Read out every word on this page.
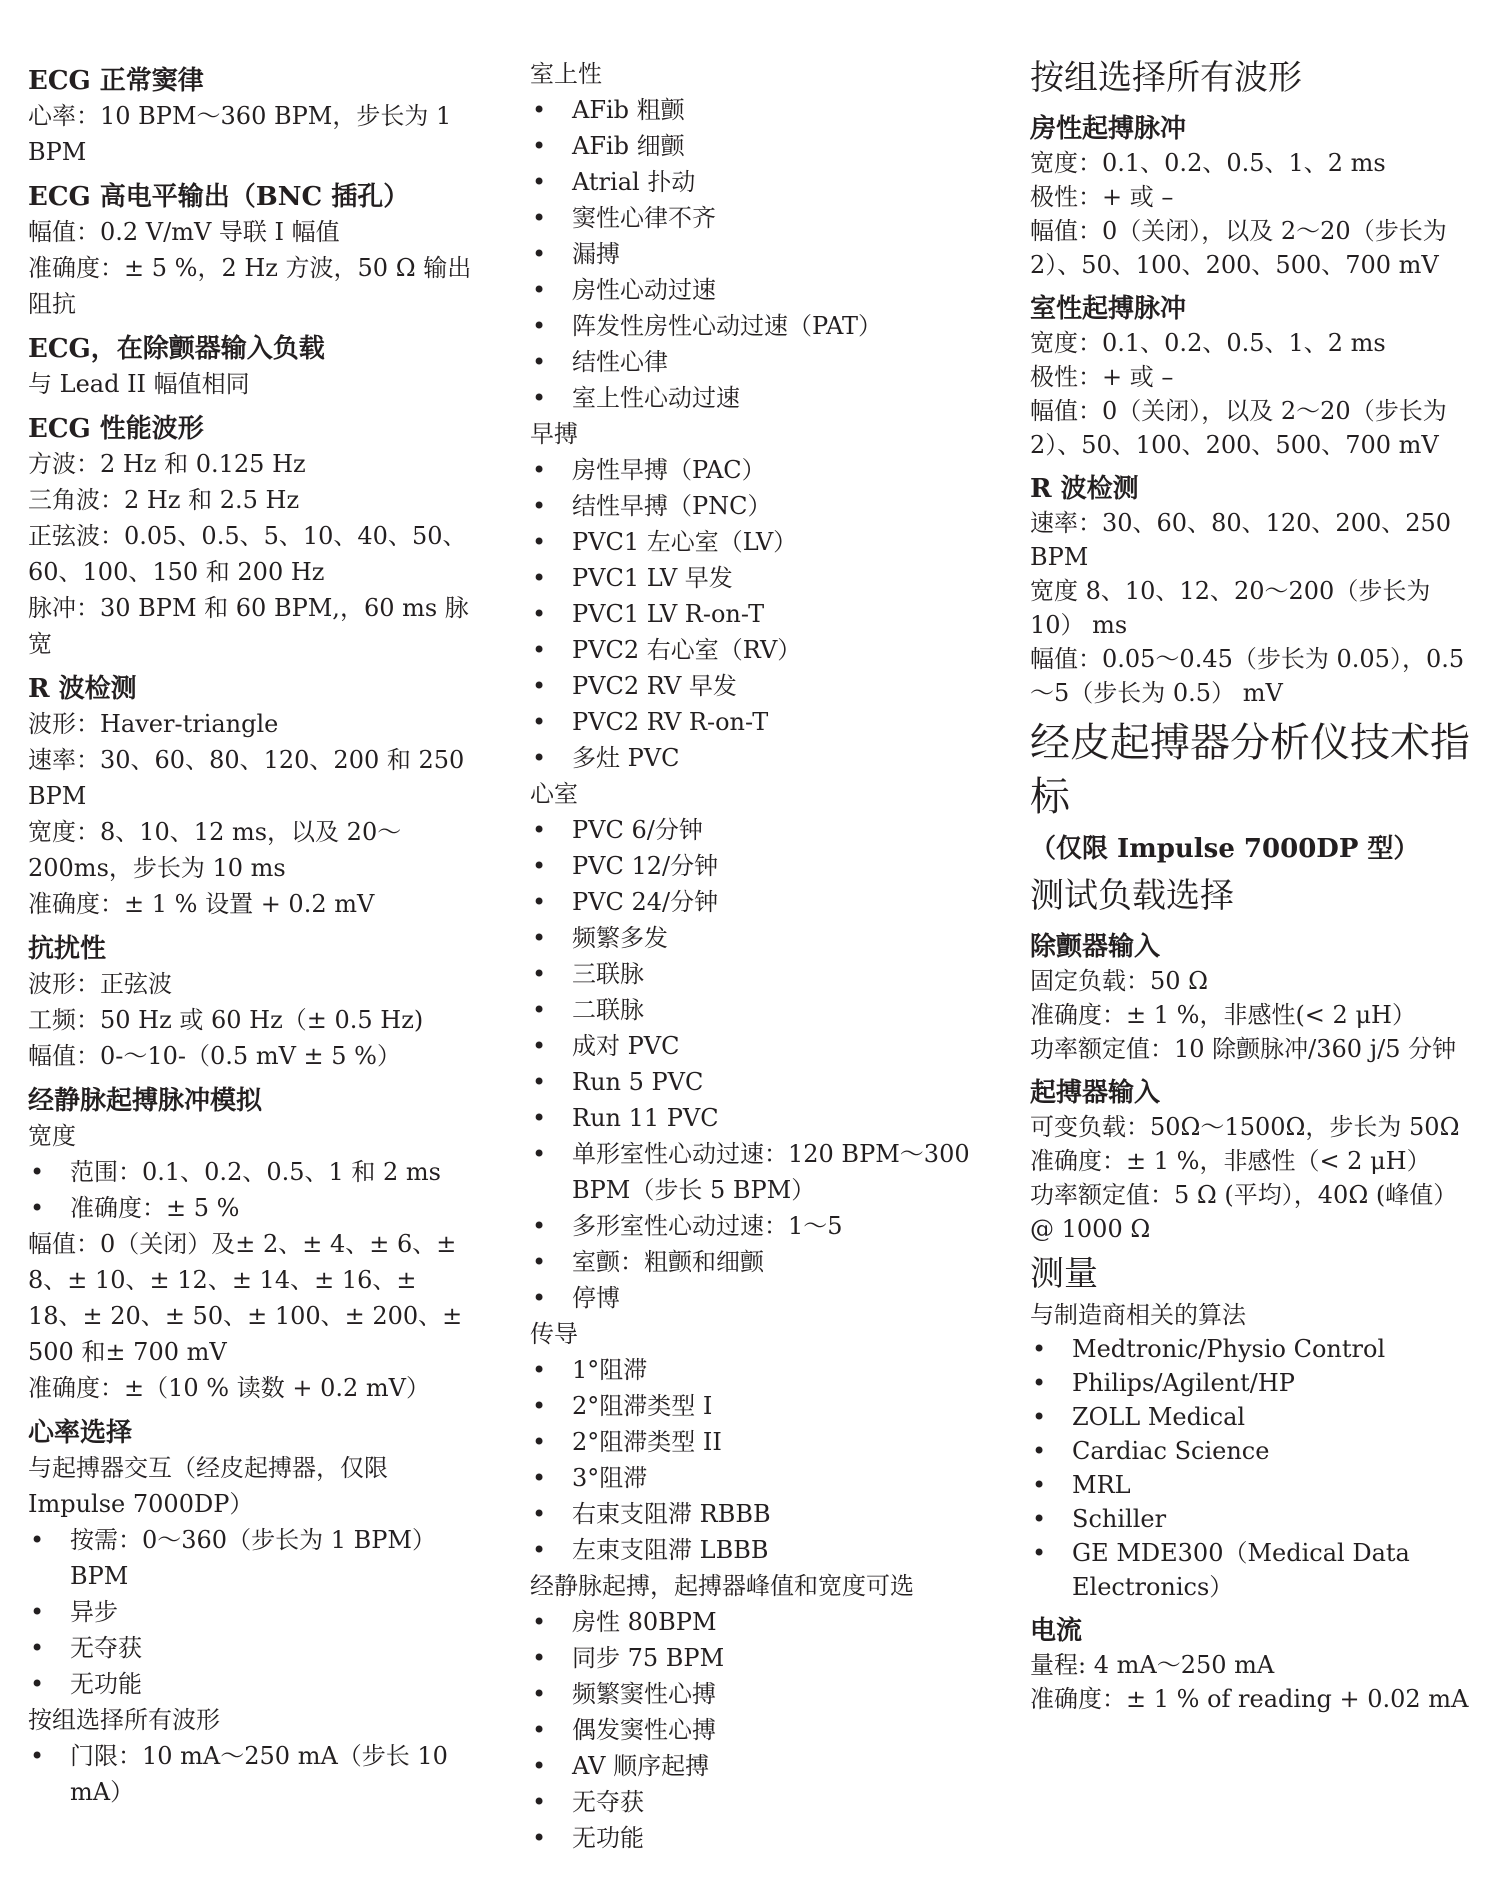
ECG 正常窦律
心率：10 BPM～360 BPM，步长为 1 BPM
ECG 高电平输出（BNC 插孔）
幅值：0.2 V/mV 导联 I 幅值
准确度：± 5 %，2 Hz 方波，50 Ω 输出阻抗
ECG，在除颤器输入负载
与 Lead II 幅值相同
ECG 性能波形
方波：2 Hz 和 0.125 Hz
三角波：2 Hz 和 2.5 Hz
正弦波：0.05、0.5、5、10、40、50、60、100、150 和 200 Hz
脉冲：30 BPM 和 60 BPM,，60 ms 脉宽
R 波检测
波形：Haver-triangle
速率：30、60、80、120、200 和 250 BPM
宽度：8、10、12 ms，以及 20～200ms，步长为 10 ms
准确度：± 1 % 设置 + 0.2 mV
抗扰性
波形：正弦波
工频：50 Hz 或 60 Hz（± 0.5 Hz)
幅值：0-～10-（0.5 mV ± 5 %）
经静脉起搏脉冲模拟
宽度
• 范围：0.1、0.2、0.5、1 和 2 ms
• 准确度：± 5 %
幅值：0（关闭）及± 2、± 4、± 6、± 8、± 10、± 12、± 14、± 16、± 18、± 20、± 50、± 100、± 200、± 500 和± 700 mV
准确度：±（10 % 读数 + 0.2 mV）
心率选择
与起搏器交互（经皮起搏器，仅限 Impulse 7000DP）
• 按需：0～360（步长为 1 BPM）BPM
• 异步
• 无夺获
• 无功能
按组选择所有波形
• 门限：10 mA～250 mA（步长 10 mA）
室上性
• AFib 粗颤
• AFib 细颤
• Atrial 扑动
• 窦性心律不齐
• 漏搏
• 房性心动过速
• 阵发性房性心动过速（PAT）
• 结性心律
• 室上性心动过速
早搏
• 房性早搏（PAC）
• 结性早搏（PNC）
• PVC1 左心室（LV）
• PVC1 LV 早发
• PVC1 LV R-on-T
• PVC2 右心室（RV）
• PVC2 RV 早发
• PVC2 RV R-on-T
• 多灶 PVC
心室
• PVC 6/分钟
• PVC 12/分钟
• PVC 24/分钟
• 频繁多发
• 三联脉
• 二联脉
• 成对 PVC
• Run 5 PVC
• Run 11 PVC
• 单形室性心动过速：120 BPM～300 BPM（步长 5 BPM）
• 多形室性心动过速：1～5
• 室颤：粗颤和细颤
• 停博
传导
• 1°阻滞
• 2°阻滞类型 I
• 2°阻滞类型 II
• 3°阻滞
• 右束支阻滞 RBBB
• 左束支阻滞 LBBB
经静脉起搏，起搏器峰值和宽度可选
• 房性 80BPM
• 同步 75 BPM
• 频繁窦性心搏
• 偶发窦性心搏
• AV 顺序起搏
• 无夺获
• 无功能
按组选择所有波形
房性起搏脉冲
宽度：0.1、0.2、0.5、1、2 ms
极性：+ 或 –
幅值：0（关闭），以及 2～20（步长为 2）、50、100、200、500、700 mV
室性起搏脉冲
宽度：0.1、0.2、0.5、1、2 ms
极性：+ 或 –
幅值：0（关闭），以及 2～20（步长为 2）、50、100、200、500、700 mV
R 波检测
速率：30、60、80、120、200、250 BPM
宽度 8、10、12、20～200（步长为 10） ms
幅值：0.05～0.45（步长为 0.05），0.5～5（步长为 0.5） mV
经皮起搏器分析仪技术指标
（仅限 Impulse 7000DP 型）
测试负载选择
除颤器输入
固定负载：50 Ω
准确度：± 1 %，非感性(< 2 μH）
功率额定值：10 除颤脉冲/360 j/5 分钟
起搏器输入
可变负载：50Ω～1500Ω，步长为 50Ω
准确度：± 1 %，非感性（< 2 μH）
功率额定值：5 Ω (平均），40Ω (峰值） @ 1000 Ω
测量
与制造商相关的算法
• Medtronic/Physio Control
• Philips/Agilent/HP
• ZOLL Medical
• Cardiac Science
• MRL
• Schiller
• GE MDE300（Medical Data Electronics）
电流
量程: 4 mA～250 mA
准确度：± 1 % of reading + 0.02 mA
